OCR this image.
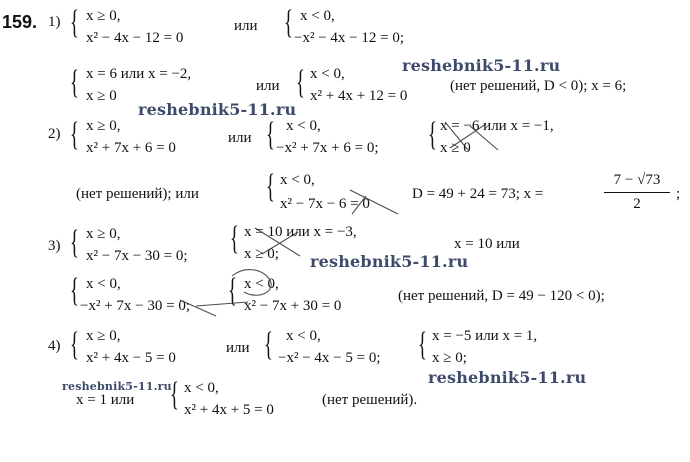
159. 1) { x ≥ 0,
x² − 4x − 12 = 0
или { x < 0,
−x² − 4x − 12 = 0;
{ x = 6 или x = −2,
x ≥ 0
или { x < 0,
x² + 4x + 12 = 0
(нет решений, D < 0); x = 6;
2) { x ≥ 0,
x² + 7x + 6 = 0
или { x < 0,
−x² + 7x + 6 = 0; { x = −6 или x = −1,
x ≥ 0
(нет решений); или { x < 0,
x² − 7x − 6 = 0
D = 49 + 24 = 73; x =
7 − √73
2
;
3) { x ≥ 0,
x² − 7x − 30 = 0; { x = 10 или x = −3,
x ≥ 0;
x = 10 или
{ x < 0,
−x² + 7x − 30 = 0; { x < 0,
x² − 7x + 30 = 0
(нет решений, D = 49 − 120 < 0);
4) { x ≥ 0,
x² + 4x − 5 = 0
или { x < 0,
−x² − 4x − 5 = 0; { x = −5 или x = 1,
x ≥ 0;
x = 1 или { x < 0,
x² + 4x + 5 = 0
(нет решений).
reshebnik5-11.ru
reshebnik5-11.ru
reshebnik5-11.ru
reshebnik5-11.ru
reshebnik5-11.ru
